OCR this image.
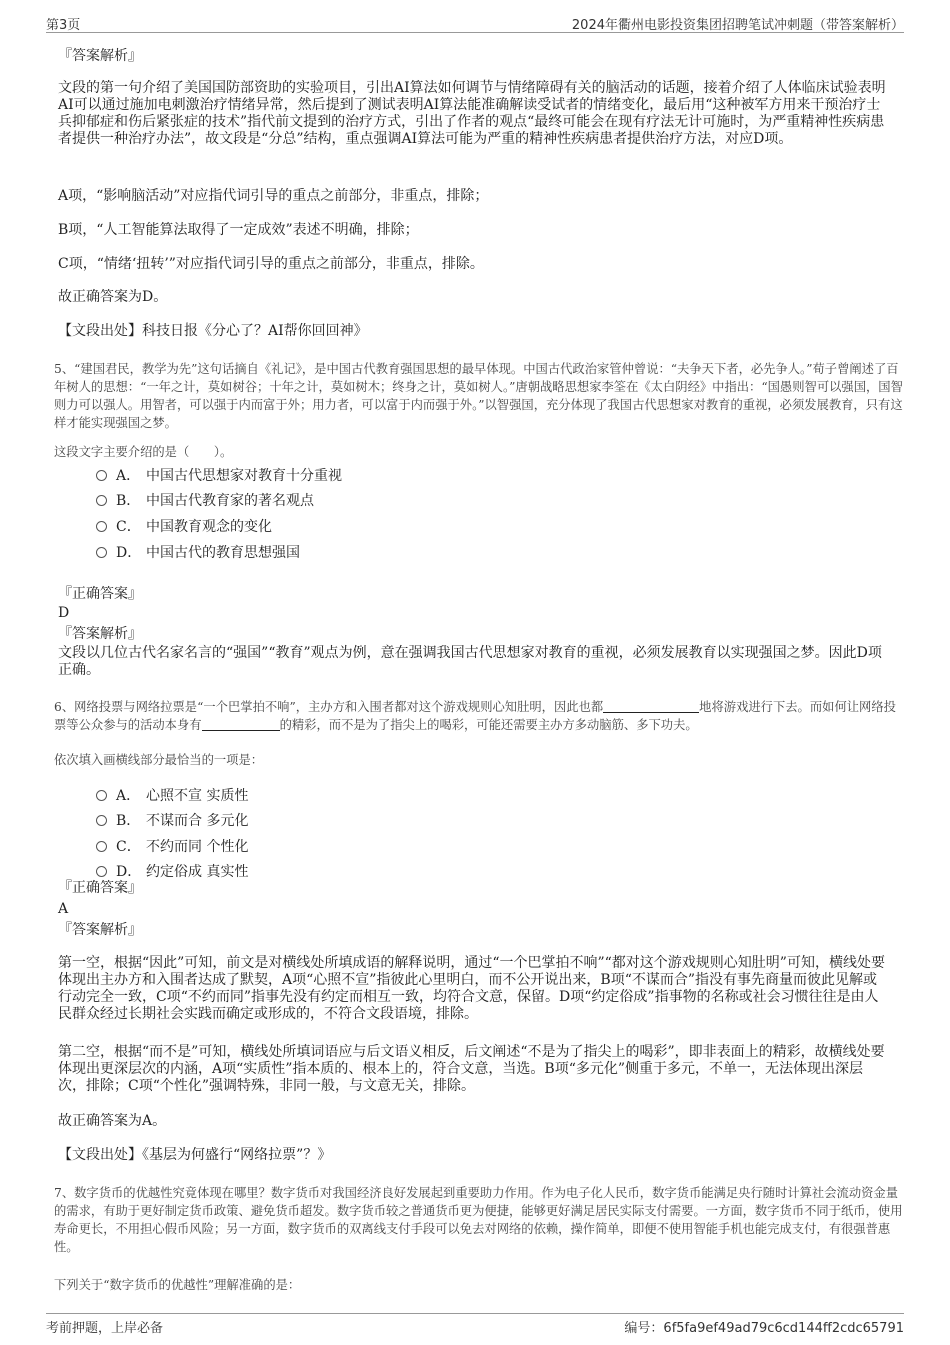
第3页	2024年衢州电影投资集团招聘笔试冲刺题（带答案解析）
『答案解析』
文段的第一句介绍了美国国防部资助的实验项目，引出AI算法如何调节与情绪障碍有关的脑活动的话题，接着介绍了人体临床试验表明AI可以通过施加电刺激治疗情绪异常，然后提到了测试表明AI算法能准确解读受试者的情绪变化，最后用“这种被军方用来干预治疗士兵抑郁症和伤后紧张症的技术”指代前文提到的治疗方式，引出了作者的观点“最终可能会在现有疗法无计可施时，为严重精神性疾病患者提供一种治疗办法”，故文段是“分总”结构，重点强调AI算法可能为严重的精神性疾病患者提供治疗方法，对应D项。
A项，“影响脑活动”对应指代词引导的重点之前部分，非重点，排除；
B项，“人工智能算法取得了一定成效”表述不明确，排除；
C项，“情绪‘扭转’”对应指代词引导的重点之前部分，非重点，排除。
故正确答案为D。
【文段出处】科技日报《分心了？AI帮你回回神》
5、“建国君民，教学为先”这句话摘自《礼记》，是中国古代教育强国思想的最早体现。中国古代政治家管仲曾说：“夫争天下者，必先争人。”荀子曾阐述了百年树人的思想：“一年之计，莫如树谷；十年之计，莫如树木；终身之计，莫如树人。”唐朝战略思想家李筌在《太白阴经》中指出：“国愚则智可以强国，国智则力可以强人。用智者，可以强于内而富于外；用力者，可以富于内而强于外。”以智强国，充分体现了我国古代思想家对教育的重视，必须发展教育，只有这样才能实现强国之梦。
这段文字主要介绍的是（　　）。
A． 中国古代思想家对教育十分重视
B． 中国古代教育家的著名观点
C． 中国教育观念的变化
D． 中国古代的教育思想强国
『正确答案』
D
『答案解析』
文段以几位古代名家名言的“强国”“教育”观点为例，意在强调我国古代思想家对教育的重视，必须发展教育以实现强国之梦。因此D项正确。
6、网络投票与网络拉票是“一个巴掌拍不响”，主办方和入围者都对这个游戏规则心知肚明，因此也都	地将游戏进行下去。而如何让网络投票等公众参与的活动本身有	的精彩，而不是为了指尖上的喝彩，可能还需要主办方多动脑筋、多下功夫。
依次填入画横线部分最恰当的一项是：
A． 心照不宣 实质性
B． 不谋而合 多元化
C． 不约而同 个性化
D． 约定俗成 真实性
『正确答案』
A
『答案解析』
第一空，根据“因此”可知，前文是对横线处所填成语的解释说明，通过“一个巴掌拍不响”“都对这个游戏规则心知肚明”可知，横线处要体现出主办方和入围者达成了默契，A项“心照不宣”指彼此心里明白，而不公开说出来，B项“不谋而合”指没有事先商量而彼此见解或行动完全一致，C项“不约而同”指事先没有约定而相互一致，均符合文意，保留。D项“约定俗成”指事物的名称或社会习惯往往是由人民群众经过长期社会实践而确定或形成的，不符合文段语境，排除。
第二空，根据“而不是”可知，横线处所填词语应与后文语义相反，后文阐述“不是为了指尖上的喝彩”，即非表面上的精彩，故横线处要体现出更深层次的内涵，A项“实质性”指本质的、根本上的，符合文意，当选。B项“多元化”侧重于多元，不单一，无法体现出深层次，排除；C项“个性化”强调特殊，非同一般，与文意无关，排除。
故正确答案为A。
【文段出处】《基层为何盛行“网络拉票”？》
7、数字货币的优越性究竟体现在哪里？数字货币对我国经济良好发展起到重要助力作用。作为电子化人民币，数字货币能满足央行随时计算社会流动资金量的需求，有助于更好制定货币政策、避免货币超发。数字货币较之普通货币更为便捷，能够更好满足居民实际支付需要。一方面，数字货币不同于纸币，使用寿命更长，不用担心假币风险；另一方面，数字货币的双离线支付手段可以免去对网络的依赖，操作简单，即便不使用智能手机也能完成支付，有很强普惠性。
下列关于“数字货币的优越性”理解准确的是：
考前押题，上岸必备	编号：6f5fa9ef49ad79c6cd144ff2cdc65791
